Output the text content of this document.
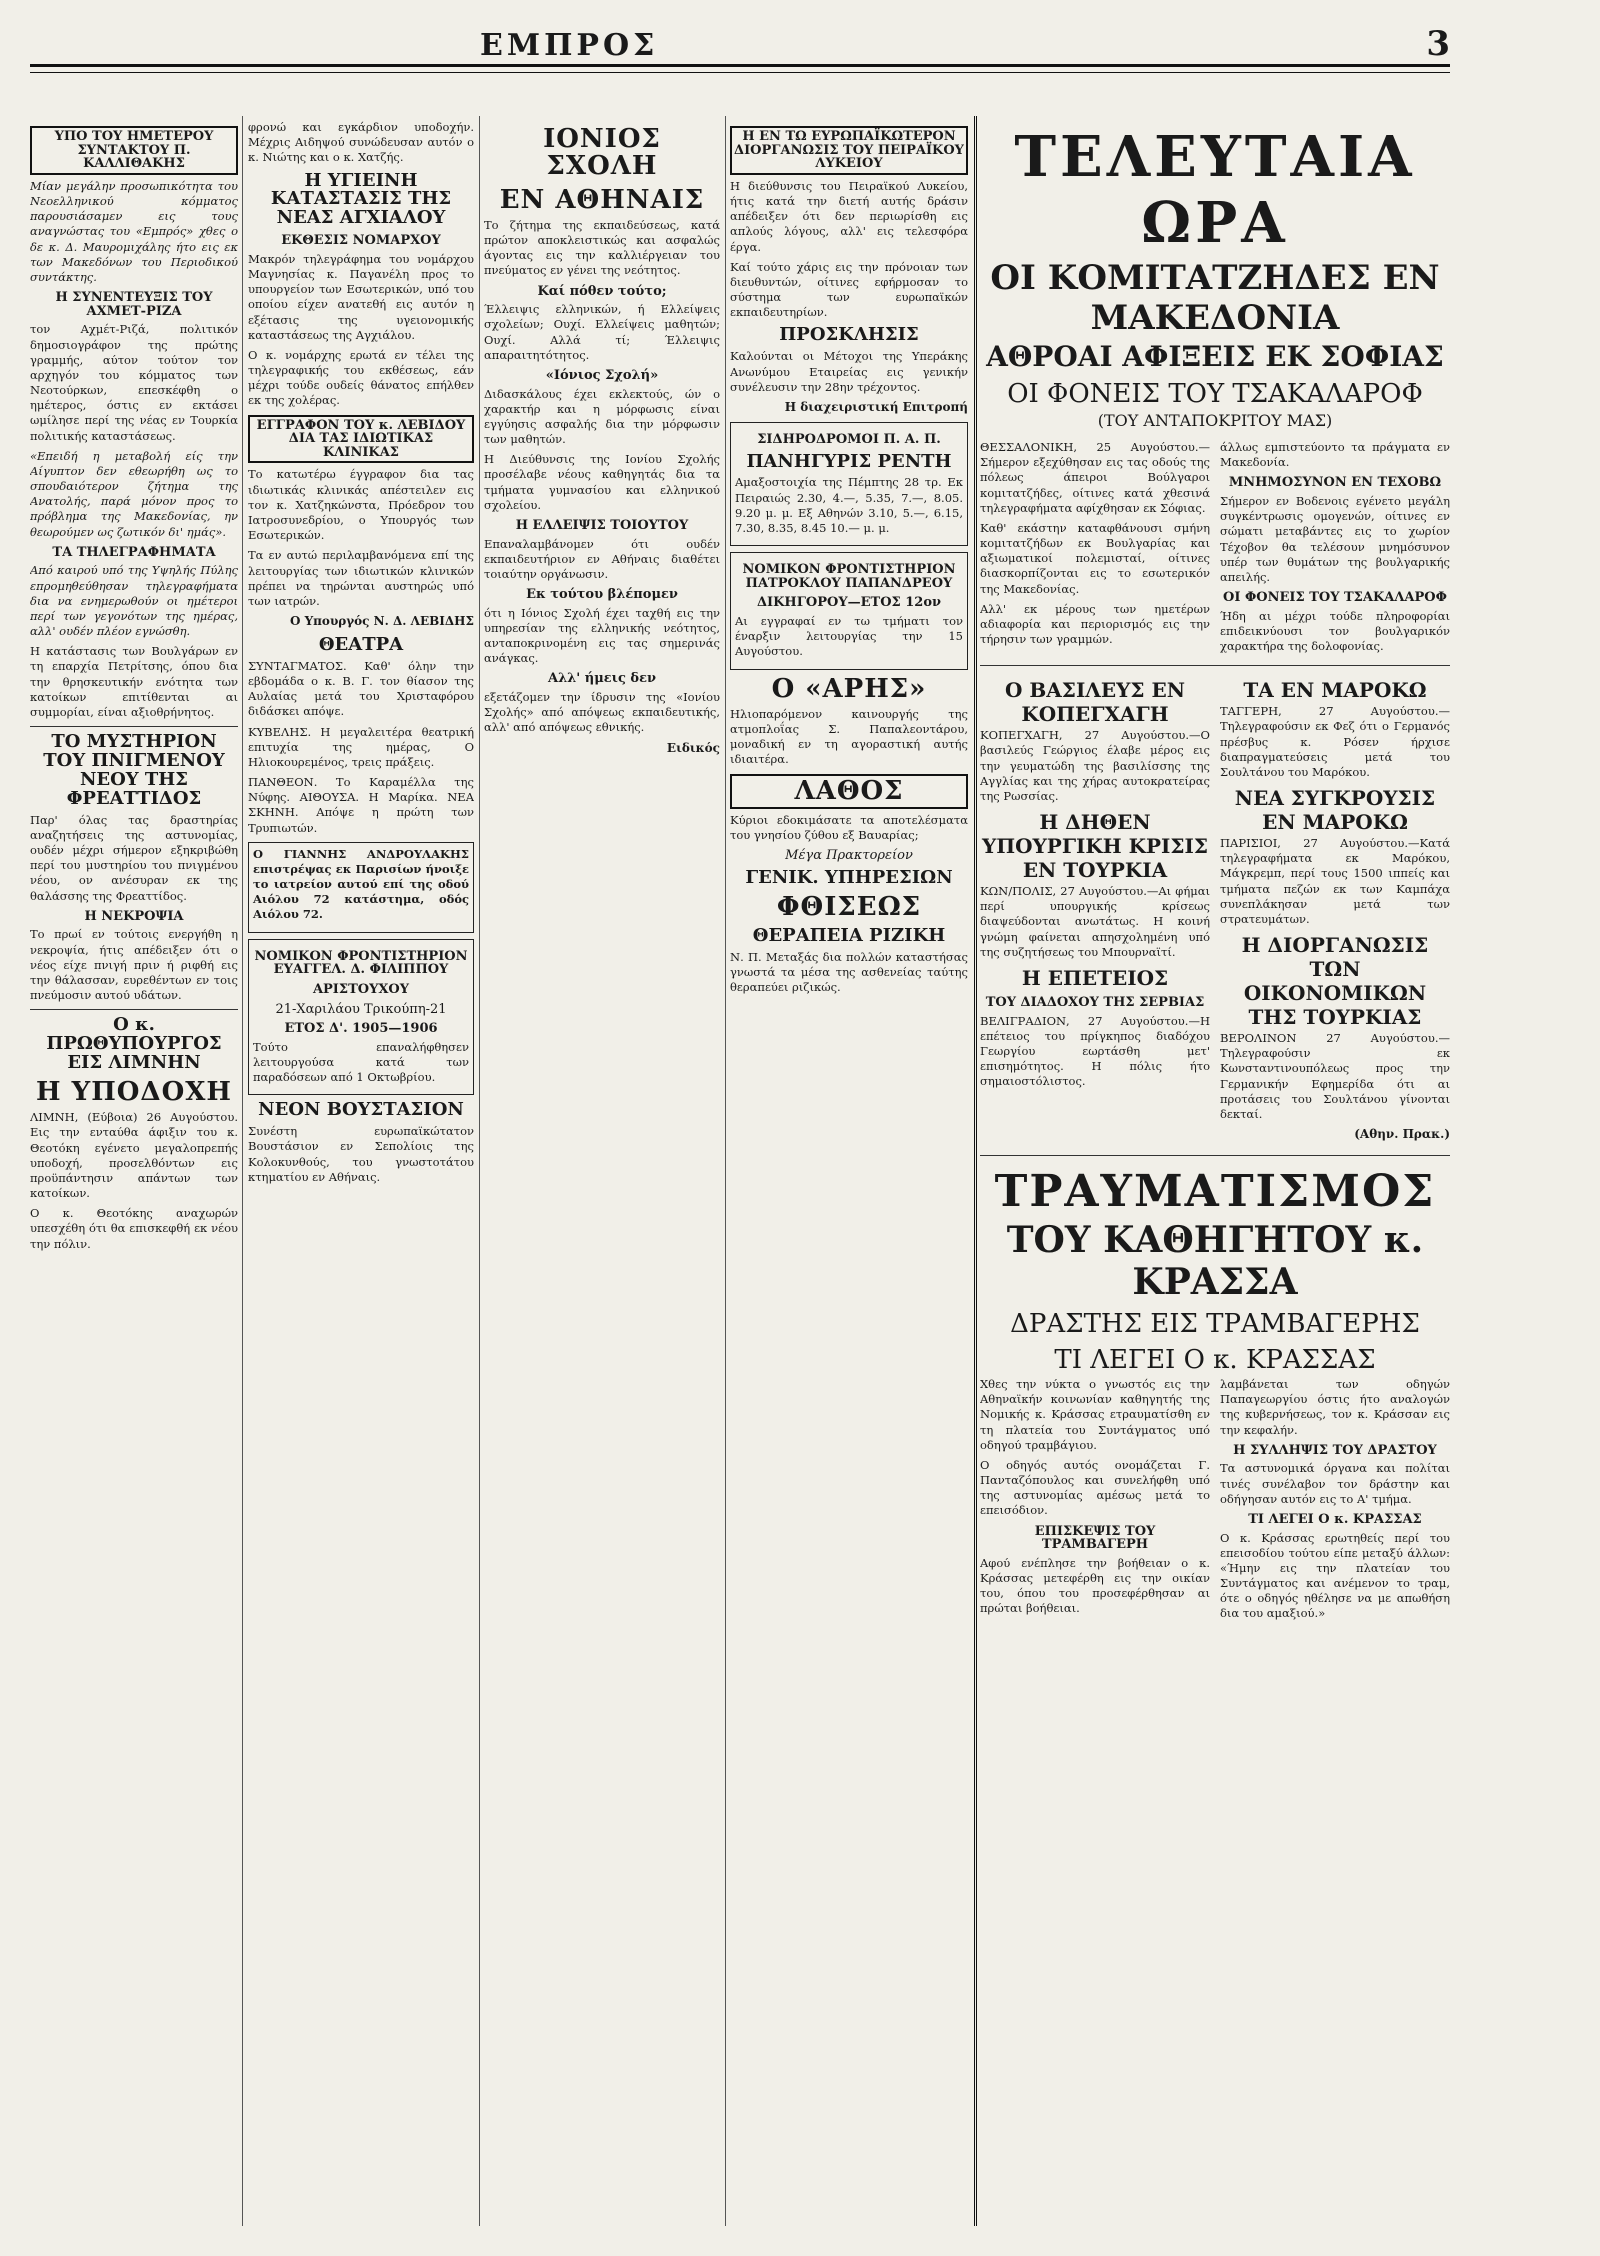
ΕΜΠΡΟΣ	3
ΥΠΟ ΤΟΥ ΗΜΕΤΕΡΟΥ ΣΥΝΤΑΚΤΟΥ Π. ΚΑΛΛΙΘΑΚΗΣ

Μίαν μεγάλην προσωπικότητα του Νεοελληνικού κόμματος παρουσιάσαμεν εις τους αναγνώστας του «Εμπρός» χθες ο δε κ. Δ. Μαυρομιχάλης ήτο εις εκ των Μακεδόνων του Περιοδικού συντάκτης.

Η ΣΥΝΕΝΤΕΥΞΙΣ ΤΟΥ ΑΧΜΕΤ-ΡΙΖΑ

τον Αχμέτ-Ριζά, πολιτικόν δημοσιογράφον της πρώτης γραμμής, αύτον τούτον τον αρχηγόν του κόμματος των Νεοτούρκων, επεσκέφθη ο ημέτερος, όστις εν εκτάσει ωμίλησε περί της νέας εν Τουρκία πολιτικής καταστάσεως.

«Επειδή η μεταβολή είς την Αίγυπτον δεν εθεωρήθη ως το σπουδαιότερον ζήτημα της Ανατολής, παρά μόνον προς το πρόβλημα της Μακεδονίας, ην θεωρούμεν ως ζωτικόν δι' ημάς».

ΤΑ ΤΗΛΕΓΡΑΦΗΜΑΤΑ

Από καιρού υπό της Υψηλής Πύλης επρομηθεύθησαν τηλεγραφήματα δια να ενημερωθούν οι ημέτεροι περί των γεγονότων της ημέρας, αλλ' ουδέν πλέον εγνώσθη.

Η κατάστασις των Βουλγάρων εν τη επαρχία Πετρίτσης, όπου δια την θρησκευτικήν ενότητα των κατοίκων επιτίθενται αι συμμορίαι, είναι αξιοθρήνητος.

ΤΟ ΜΥΣΤΗΡΙΟΝ ΤΟΥ ΠΝΙΓΜΕΝΟΥ ΝΕΟΥ ΤΗΣ ΦΡΕΑΤΤΙΔΟΣ

Παρ' όλας τας δραστηρίας αναζητήσεις της αστυνομίας, ουδέν μέχρι σήμερον εξηκριβώθη περί του μυστηρίου του πνιγμένου νέου, ον ανέσυραν εκ της θαλάσσης της Φρεαττίδος.

Η ΝΕΚΡΟΨΙΑ

Το πρωί εν τούτοις ενεργήθη η νεκροψία, ήτις απέδειξεν ότι ο νέος είχε πνιγή πριν ή ριφθή εις την θάλασσαν, ευρεθέντων εν τοις πνεύμοσιν αυτού υδάτων.

Ο κ. ΠΡΩΘΥΠΟΥΡΓΟΣ ΕΙΣ ΛΙΜΝΗΝ
Η ΥΠΟΔΟΧΗ

ΛΙΜΝΗ, (Εύβοια) 26 Αυγούστου. Εις την ενταύθα άφιξιν του κ. Θεοτόκη εγένετο μεγαλοπρεπής υποδοχή, προσελθόντων εις προϋπάντησιν απάντων των κατοίκων.

Ο κ. Θεοτόκης αναχωρών υπεσχέθη ότι θα επισκεφθή εκ νέου την πόλιν.

φρονώ και εγκάρδιον υποδοχήν. Μέχρις Αιδηψού συνώδευσαν αυτόν ο κ. Νιώτης και ο κ. Χατζής.

Η ΥΓΙΕΙΝΗ ΚΑΤΑΣΤΑΣΙΣ ΤΗΣ ΝΕΑΣ ΑΓΧΙΑΛΟΥ
ΕΚΘΕΣΙΣ ΝΟΜΑΡΧΟΥ

Μακρόν τηλεγράφημα του νομάρχου Μαγνησίας κ. Παγανέλη προς το υπουργείον των Εσωτερικών, υπό του οποίου είχεν ανατεθή εις αυτόν η εξέτασις της υγειονομικής καταστάσεως της Αγχιάλου.

Ο κ. νομάρχης ερωτά εν τέλει της τηλεγραφικής του εκθέσεως, εάν μέχρι τούδε ουδείς θάνατος επήλθεν εκ της χολέρας.

ΕΓΓΡΑΦΟΝ ΤΟΥ κ. ΛΕΒΙΔΟΥ ΔΙΑ ΤΑΣ ΙΔΙΩΤΙΚΑΣ ΚΛΙΝΙΚΑΣ

Το κατωτέρω έγγραφον δια τας ιδιωτικάς κλινικάς απέστειλεν εις τον κ. Χατζηκώνστα, Πρόεδρον του Ιατροσυνεδρίου, ο Υπουργός των Εσωτερικών.

Τα εν αυτώ περιλαμβανόμενα επί της λειτουργίας των ιδιωτικών κλινικών πρέπει να τηρώνται αυστηρώς υπό των ιατρών.

Ο Υπουργός Ν. Δ. ΛΕΒΙΔΗΣ
ΘΕΑΤΡΑ

ΣΥΝΤΑΓΜΑΤΟΣ. Καθ' όλην την εβδομάδα ο κ. Β. Γ. τον θίασον της Αυλαίας μετά του Χρισταφόρου διδάσκει απόψε.

ΚΥΒΕΛΗΣ. Η μεγαλειτέρα θεατρική επιτυχία της ημέρας, Ο Ηλιοκουρεμένος, τρεις πράξεις.

ΠΑΝΘΕΟΝ. Το Καραμέλλα της Νύφης. ΑΙΘΟΥΣΑ. Η Μαρίκα. ΝΕΑ ΣΚΗΝΗ. Απόψε η πρώτη των Τρυπιωτών.

Ο ΓΙΑΝΝΗΣ ΑΝΔΡΟΥΛΑΚΗΣ επιστρέψας εκ Παρισίων ήνοιξε το ιατρείον αυτού επί της οδού Αιόλου 72 κατάστημα, οδός Αιόλου 72.

ΝΟΜΙΚΟΝ ΦΡΟΝΤΙΣΤΗΡΙΟΝ ΕΥΑΓΓΕΛ. Δ. ΦΙΛΙΠΠΟΥ
ΑΡΙΣΤΟΥΧΟΥ
21-Χαριλάου Τρικούπη-21
ΕΤΟΣ Δ'. 1905—1906

Τούτο επαναλήφθησεν λειτουργούσα κατά των παραδόσεων από 1 Οκτωβρίου.

ΝΕΟΝ ΒΟΥΣΤΑΣΙΟΝ

Συνέστη ευρωπαϊκώτατον Βουστάσιον εν Σεπολίοις της Κολοκυνθούς, του γνωστοτάτου κτηματίου εν Αθήναις.

ΙΟΝΙΟΣ ΣΧΟΛΗ
ΕΝ ΑΘΗΝΑΙΣ

Το ζήτημα της εκπαιδεύσεως, κατά πρώτον αποκλειστικώς και ασφαλώς άγοντας εις την καλλιέργειαν του πνεύματος εν γένει της νεότητος.

Καί πόθεν τούτο;

Έλλειψις ελληνικών, ή Ελλείψεις σχολείων; Ουχί. Ελλείψεις μαθητών; Ουχί. Αλλά τί; Έλλειψις απαραιτητότητος.

«Ιόνιος Σχολή»

Διδασκάλους έχει εκλεκτούς, ών ο χαρακτήρ και η μόρφωσις είναι εγγύησις ασφαλής δια την μόρφωσιν των μαθητών.

Η Διεύθυνσις της Ιονίου Σχολής προσέλαβε νέους καθηγητάς δια τα τμήματα γυμνασίου και ελληνικού σχολείου.

Η ΕΛΛΕΙΨΙΣ ΤΟΙΟΥΤΟΥ

Επαναλαμβάνομεν ότι ουδέν εκπαιδευτήριον εν Αθήναις διαθέτει τοιαύτην οργάνωσιν.

Εκ τούτου βλέπομεν

ότι η Ιόνιος Σχολή έχει ταχθή εις την υπηρεσίαν της ελληνικής νεότητος, ανταποκρινομένη εις τας σημερινάς ανάγκας.

Αλλ' ήμεις δεν

εξετάζομεν την ίδρυσιν της «Ιονίου Σχολής» από απόψεως εκπαιδευτικής, αλλ' από απόψεως εθνικής.

Ειδικός
Η ΕΝ ΤΩ ΕΥΡΩΠΑΪΚΩΤΕΡΟΝ ΔΙΟΡΓΑΝΩΣΙΣ ΤΟΥ ΠΕΙΡΑΪΚΟΥ ΛΥΚΕΙΟΥ

Η διεύθυνσις του Πειραϊκού Λυκείου, ήτις κατά την διετή αυτής δράσιν απέδειξεν ότι δεν περιωρίσθη εις απλούς λόγους, αλλ' εις τελεσφόρα έργα.

Καί τούτο χάρις εις την πρόνοιαν των διευθυντών, οίτινες εφήρμοσαν το σύστημα των ευρωπαϊκών εκπαιδευτηρίων.

ΠΡΟΣΚΛΗΣΙΣ

Καλούνται οι Μέτοχοι της Υπεράκης Ανωνύμου Εταιρείας εις γενικήν συνέλευσιν την 28ην τρέχοντος.

Η διαχειριστική Επιτροπή
ΣΙΔΗΡΟΔΡΟΜΟΙ Π. Α. Π.
ΠΑΝΗΓΥΡΙΣ ΡΕΝΤΗ

Αμαξοστοιχία της Πέμπτης 28 τρ. Εκ Πειραιώς 2.30, 4.—, 5.35, 7.—, 8.05. 9.20 μ. μ. Εξ Αθηνών 3.10, 5.—, 6.15, 7.30, 8.35, 8.45 10.— μ. μ.

ΝΟΜΙΚΟΝ ΦΡΟΝΤΙΣΤΗΡΙΟΝ ΠΑΤΡΟΚΛΟΥ ΠΑΠΑΝΔΡΕΟΥ
ΔΙΚΗΓΟΡΟΥ—ΕΤΟΣ 12ον

Αι εγγραφαί εν τω τμήματι τον έναρξιν λειτουργίας την 15 Αυγούστου.

Ο «ΑΡΗΣ»

Ηλιοπαρόμενον καινουργής της ατμοπλοΐας Σ. Παπαλεοντάρου, μοναδική εν τη αγοραστική αυτής ιδιαιτέρα.

ΛΑΘΟΣ

Κύριοι εδοκιμάσατε τα αποτελέσματα του γνησίου ζύθου εξ Βαυαρίας;

Μέγα Πρακτορείον
ΓΕΝΙΚ. ΥΠΗΡΕΣΙΩΝ
ΦΘΙΣΕΩΣ
ΘΕΡΑΠΕΙΑ ΡΙΖΙΚΗ

Ν. Π. Μεταξάς δια πολλών καταστήσας γνωστά τα μέσα της ασθενείας ταύτης θεραπεύει ριζικώς.

ΤΕΛΕΥΤΑΙΑ ΩΡΑ
ΟΙ ΚΟΜΙΤΑΤΖΗΔΕΣ ΕΝ ΜΑΚΕΔΟΝΙΑ
ΑΘΡΟΑΙ ΑΦΙΞΕΙΣ ΕΚ ΣΟΦΙΑΣ
ΟΙ ΦΟΝΕΙΣ ΤΟΥ ΤΣΑΚΑΛΑΡΟΦ
(ΤΟΥ ΑΝΤΑΠΟΚΡΙΤΟΥ ΜΑΣ)

ΘΕΣΣΑΛΟΝΙΚΗ, 25 Αυγούστου.—Σήμερον εξεχύθησαν εις τας οδούς της πόλεως άπειροι Βούλγαροι κομιτατζήδες, οίτινες κατά χθεσινά τηλεγραφήματα αφίχθησαν εκ Σόφιας.

Καθ' εκάστην καταφθάνουσι σμήνη κομιτατζήδων εκ Βουλγαρίας και αξιωματικοί πολεμισταί, οίτινες διασκορπίζονται εις το εσωτερικόν της Μακεδονίας.

Αλλ' εκ μέρους των ημετέρων αδιαφορία και περιορισμός εις την τήρησιν των γραμμών.

άλλως εμπιστεύοντο τα πράγματα εν Μακεδονία.

ΜΝΗΜΟΣΥΝΟΝ ΕΝ ΤΕΧΟΒΩ

Σήμερον εν Βοδενοις εγένετο μεγάλη συγκέντρωσις ομογενών, οίτινες εν σώματι μεταβάντες εις το χωρίον Τέχοβον θα τελέσουν μνημόσυνον υπέρ των θυμάτων της βουλγαρικής απειλής.

ΟΙ ΦΟΝΕΙΣ ΤΟΥ ΤΣΑΚΑΛΑΡΟΦ

Ήδη αι μέχρι τούδε πληροφορίαι επιδεικνύουσι τον βουλγαρικόν χαρακτήρα της δολοφονίας.

Ο ΒΑΣΙΛΕΥΣ ΕΝ ΚΟΠΕΓΧΑΓΗ

ΚΟΠΕΓΧΑΓΗ, 27 Αυγούστου.—Ο βασιλεύς Γεώργιος έλαβε μέρος εις την γευματώδη της βασιλίσσης της Αγγλίας και της χήρας αυτοκρατείρας της Ρωσσίας.

Η ΔΗΘΕΝ ΥΠΟΥΡΓΙΚΗ ΚΡΙΣΙΣ ΕΝ ΤΟΥΡΚΙΑ

ΚΩΝ/ΠΟΛΙΣ, 27 Αυγούστου.—Αι φήμαι περί υπουργικής κρίσεως διαψεύδονται ανωτάτως. Η κοινή γνώμη φαίνεται απησχολημένη υπό της συζητήσεως του Μπουρναϊτί.

Η ΕΠΕΤΕΙΟΣ
ΤΟΥ ΔΙΑΔΟΧΟΥ ΤΗΣ ΣΕΡΒΙΑΣ

ΒΕΛΙΓΡΑΔΙΟΝ, 27 Αυγούστου.—Η επέτειος του πρίγκηπος διαδόχου Γεωργίου εωρτάσθη μετ' επισημότητος. Η πόλις ήτο σημαιοστόλιστος.

ΤΑ ΕΝ ΜΑΡΟΚΩ

ΤΑΓΓΕΡΗ, 27 Αυγούστου.—Τηλεγραφούσιν εκ Φεζ ότι ο Γερμανός πρέσβυς κ. Ρόσεν ήρχισε διαπραγματεύσεις μετά του Σουλτάνου του Μαρόκου.

ΝΕΑ ΣΥΓΚΡΟΥΣΙΣ ΕΝ ΜΑΡΟΚΩ

ΠΑΡΙΣΙΟΙ, 27 Αυγούστου.—Κατά τηλεγραφήματα εκ Μαρόκου, Μάγκρεμπ, περί τους 1500 ιππείς και τμήματα πεζών εκ των Καμπάχα συνεπλάκησαν μετά των στρατευμάτων.

Η ΔΙΟΡΓΑΝΩΣΙΣ ΤΩΝ ΟΙΚΟΝΟΜΙΚΩΝ ΤΗΣ ΤΟΥΡΚΙΑΣ

ΒΕΡΟΛΙΝΟΝ 27 Αυγούστου.—Τηλεγραφούσιν εκ Κωνσταντινουπόλεως προς την Γερμανικήν Εφημερίδα ότι αι προτάσεις του Σουλτάνου γίνονται δεκταί.

(Αθην. Πρακ.)
ΤΡΑΥΜΑΤΙΣΜΟΣ
ΤΟΥ ΚΑΘΗΓΗΤΟΥ κ. ΚΡΑΣΣΑ
ΔΡΑΣΤΗΣ ΕΙΣ ΤΡΑΜΒΑΓΕΡΗΣ
ΤΙ ΛΕΓΕΙ Ο κ. ΚΡΑΣΣΑΣ

Χθες την νύκτα ο γνωστός εις την Αθηναϊκήν κοινωνίαν καθηγητής της Νομικής κ. Κράσσας ετραυματίσθη εν τη πλατεία του Συντάγματος υπό οδηγού τραμβάγιου.

Ο οδηγός αυτός ονομάζεται Γ. Πανταζόπουλος και συνελήφθη υπό της αστυνομίας αμέσως μετά το επεισόδιον.

ΕΠΙΣΚΕΨΙΣ ΤΟΥ ΤΡΑΜΒΑΓΕΡΗ

Αφού ενέπλησε την βοήθειαν ο κ. Κράσσας μετεφέρθη εις την οικίαν του, όπου του προσεφέρθησαν αι πρώται βοήθειαι.

λαμβάνεται των οδηγών Παπαγεωργίου όστις ήτο αναλογών της κυβερνήσεως, τον κ. Κράσσαν εις την κεφαλήν.

Η ΣΥΛΛΗΨΙΣ ΤΟΥ ΔΡΑΣΤΟΥ

Τα αστυνομικά όργανα και πολίται τινές συνέλαβον τον δράστην και οδήγησαν αυτόν εις το Α' τμήμα.

ΤΙ ΛΕΓΕΙ Ο κ. ΚΡΑΣΣΑΣ

Ο κ. Κράσσας ερωτηθείς περί του επεισοδίου τούτου είπε μεταξύ άλλων: «Ήμην εις την πλατείαν του Συντάγματος και ανέμενον το τραμ, ότε ο οδηγός ηθέλησε να με απωθήση δια του αμαξιού.»
